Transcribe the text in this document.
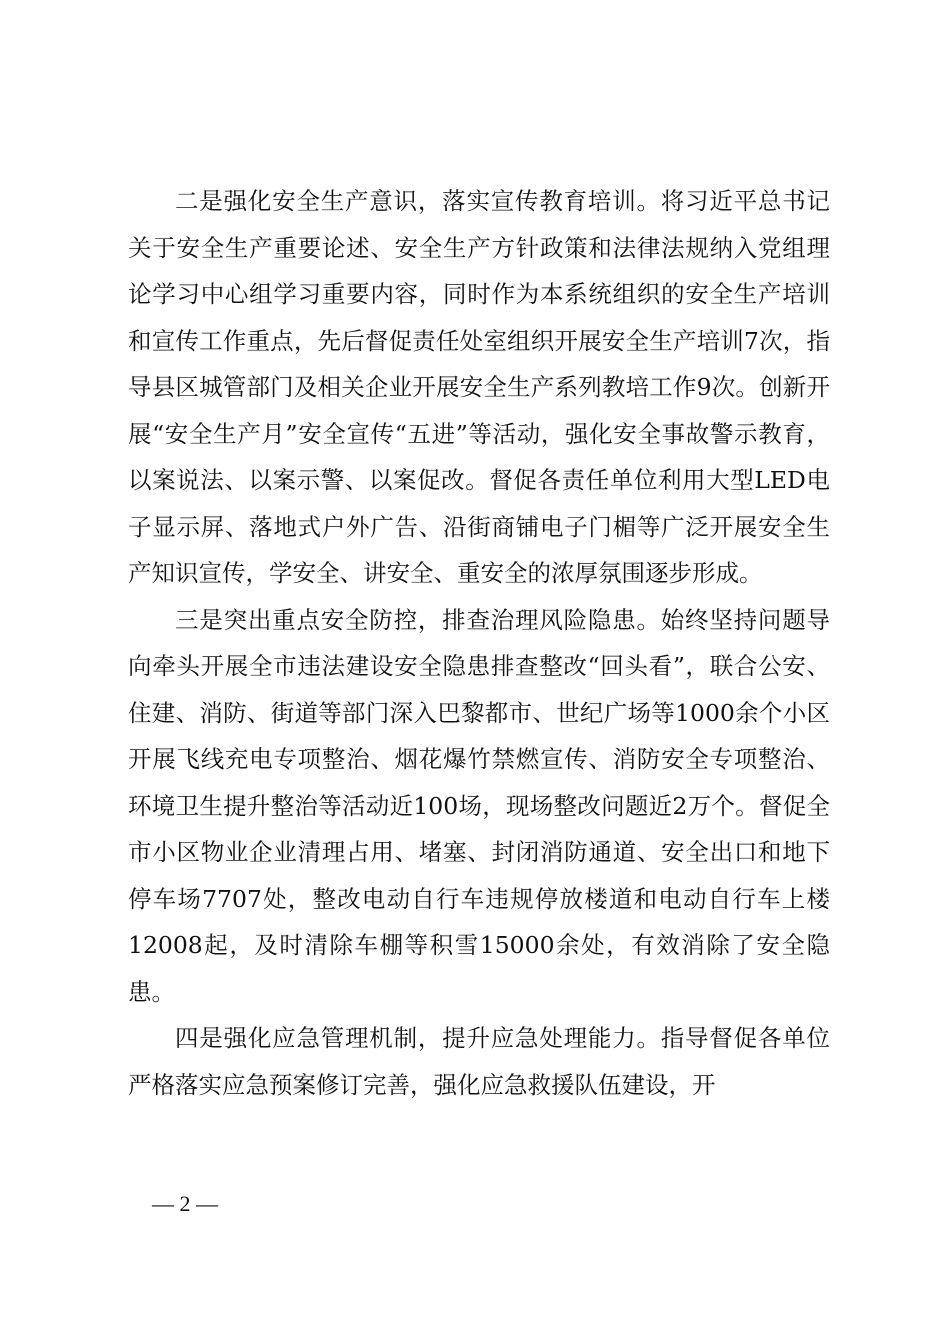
二是强化安全生产意识，落实宣传教育培训。将习近平总书记关于安全生产重要论述、安全生产方针政策和法律法规纳入党组理论学习中心组学习重要内容，同时作为本系统组织的安全生产培训和宣传工作重点，先后督促责任处室组织开展安全生产培训7次，指导县区城管部门及相关企业开展安全生产系列教培工作9次。创新开展“安全生产月”安全宣传“五进”等活动，强化安全事故警示教育，以案说法、以案示警、以案促改。督促各责任单位利用大型LED电子显示屏、落地式户外广告、沿街商铺电子门楣等广泛开展安全生产知识宣传，学安全、讲安全、重安全的浓厚氛围逐步形成。

三是突出重点安全防控，排查治理风险隐患。始终坚持问题导向牵头开展全市违法建设安全隐患排查整改“回头看”，联合公安、住建、消防、街道等部门深入巴黎都市、世纪广场等1000余个小区开展飞线充电专项整治、烟花爆竹禁燃宣传、消防安全专项整治、环境卫生提升整治等活动近100场，现场整改问题近2万个。督促全市小区物业企业清理占用、堵塞、封闭消防通道、安全出口和地下停车场7707处，整改电动自行车违规停放楼道和电动自行车上楼12008起，及时清除车棚等积雪15000余处，有效消除了安全隐患。

四是强化应急管理机制，提升应急处理能力。指导督促各单位严格落实应急预案修订完善，强化应急救援队伍建设，开

— 2 —
